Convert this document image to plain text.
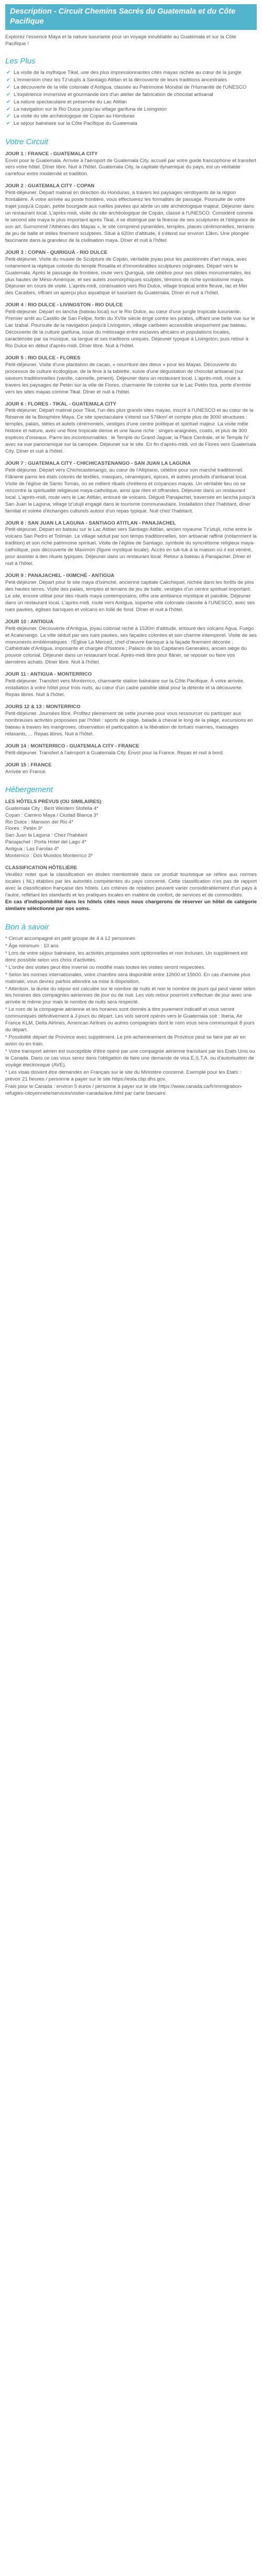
Description - Circuit Chemins Sacrés du Guatemala et du Côte Pacifique

Explorez l'essence Maya et la nature luxuriante pour un voyage inoubliable au Guatemala et sur la Côte Pacifique !

Les Plus
✔ La visite de la mythique Tikal, une des plus impressionnantes cités mayas nichée au cœur de la jungle
✔ L'immersion chez les Tz'utujils à Santiago Atitlan et la découverte de leurs traditions ancestrales
✔ La découverte de la ville coloniale d'Antigua, classée au Patrimoine Mondial de l'Humanité de l'UNESCO
✔ L'expérience immersive et gourmande lors d'un atelier de fabrication de chocolat artisanal
✔ La nature spectaculaire et préservée du Lac Atitlan
✔ La navigation sur le Rio Dulce jusqu'au village garifuna de Livingston
✔ La visite du site archéologique de Copan au Honduras
✔ Le séjour balnéaire sur la Côte Pacifique du Guatemala
Votre Circuit

JOUR 1 : FRANCE - GUATEMALA CITY

Envol pour le Guatemala. Arrivée à l'aéroport de Guatemala City, accueil par votre guide francophone et transfert vers votre hôtel. Dîner libre. Nuit à l'hôtel. Guatemala City, la capitale dynamique du pays, est un véritable carrefour entre modernité et tradition.

JOUR 2 : GUATEMALA CITY - COPAN

Petit-déjeuner. Départ matinal en direction du Honduras, à travers les paysages verdoyants de la région frontalière. À votre arrivée au poste frontière, vous effectuerez les formalités de passage. Poursuite de votre trajet jusqu'à Copán, petite bourgade aux ruelles pavées qui abrite un site archéologique majeur. Déjeuner dans un restaurant local. L'après-midi, visite du site archéologique de Copán, classé à l'UNESCO. Considéré comme le second site maya le plus important après Tikal, il se distingue par la finesse de ses sculptures et l'élégance de son art. Surnommé l'Athènes des Mayas », le site comprend pyramides, temples, places cérémonielles, terrains de jeu de balle et stèles finement sculptées. Situé à 620m d'altitude, il s'étend sur environ 13km. Une plongée fascinante dans la grandeur de la civilisation maya. Dîner et nuit à l'hôtel.

JOUR 3 : COPAN - QUIRIGUÁ - RIO DULCE

Petit-déjeuner. Visite du musée de Sculpture de Copán, véritable joyau pour les passionnés d'art maya, avec notamment la réplique colorée du temple Rosalila et d'innombrables sculptures originales. Départ vers le Guatemala. Après le passage de frontière, route vers Quiriguá, site célèbre pour ses stèles monumentales, les plus hautes de Méso-Amérique, et ses autels zoomorphiques sculptés, témoins de riche symbolisme maya. Déjeuner en cours de visite. L'après-midi, continuation vers Rio Dulce, village tropical entre fleuve, lac et Mer des Caraïbes, offrant un aperçu plus aquatique et luxuriant du Guatemala. Dîner et nuit à l'hôtel.

JOUR 4 : RIO DULCE - LIVINGSTON - RIO DULCE

Petit-déjeuner. Départ en lancha (bateau local) sur le Rio Dulce, au cœur d'une jungle tropicale luxuriante. Premier arrêt au Castillo de San Felipe, fortin du XVIIe siècle érigé contre les pirates, offrant une belle vue sur le Lac Izabal. Poursuite de la navigation jusqu'à Livingston, village caribéen accessible uniquement par bateau. Découverte de la culture garifuna, issue du métissage entre esclaves africains et populations locales, caractérisée par sa musique, sa langue et ses traditions uniques. Déjeuner typique à Livingston, puis retour à Rio Dulce en début d'après-midi. Dîner libre. Nuit à l'hôtel.

JOUR 5 : RIO DULCE - FLORES

Petit-déjeuner. Visite d'une plantation de cacao, « nourriture des dieux » pour les Mayas. Découverte du processus de culture écologique, de la fève à la tablette, suivie d'une dégustation de chocolat artisanal (sur saveurs traditionnelles (vanille, cannelle, piment). Déjeuner dans un restaurant local. L'après-midi, route à travers les paysages de Petén sur la ville de Flores, charmante île colorée sur le Lac Petén Itza, porte d'entrée vers les sites mayas comme Tikal. Dîner et nuit à l'hôtel.

JOUR 6 : FLORES - TIKAL - GUATEMALA CITY

Petit-déjeuner. Départ matinal pour Tikal, l'un des plus grands sites mayas, inscrit à l'UNESCO et au cœur de la Réserve de la Biosphère Maya. Ce site spectaculaire s'étend sur 576km² et compte plus de 3000 structures : temples, palais, stèles et autels cérémoniels, vestiges d'une centre politique et spirituel majeur. La visite mêle histoire et nature, avec une flore tropicale dense et une faune riche : singes-araignées, coatis, et plus de 300 espèces d'oiseaux. Parmi les incontournables : le Temple du Grand Jaguar, la Place Centrale, et le Temple IV avec sa vue panoramique sur la canopée. Déjeuner sur le site. En fin d'après-midi, vol de Flores vers Guatemala City. Dîner et nuit à l'hôtel.

JOUR 7 : GUATEMALA CITY - CHICHICASTENANGO - SAN JUAN LA LAGUNA

Petit-déjeuner. Départ vers Chichicastenango, au cœur de l'Altiplano, célèbre pour son marché traditionnel. Flânerie parmi les étals colorés de textiles, masques, céramiques, épices, et autres produits d'artisanat local. Visite de l'église de Santo Tomás, où se mêlent rituels chrétiens et croyances mayas. Un véritable lieu où se rencontre la spiritualité religieuse maya-catholique, ainsi que rites et offrandes. Déjeuner dans un restaurant local. L'après-midi, route vers le Lac Atitlán, entouré de volcans. Dégust Panajachel, traversée en lancha jusqu'à San Juan la Laguna, village tz'utujil engagé dans le tourisme communautaire. Installation chez l'habitant, dîner familial et soirée d'échanges culturels autour d'un repas typique. Nuit chez l'habitant.

JOUR 8 : SAN JUAN LA LAGUNA - SANTIAGO ATITLAN - PANAJACHEL

Petit-déjeuner. Départ en bateau sur le Lac Atitlan vers Santiago Atitlán, ancien royaume Tz'utujil, riche entre le volcans San Pedro et Tolimán. Le village séduit par son temps traditionnelles, son artisanat raffiné (notamment la tradition) et son riche patrimoine spirituel. Visite de l'église de Santiago, symbole du syncrétisme religieux maya-catholique, puis découverte de Maximón (figure mystique locale). Accès en tuk-tuk à la maison où il est vénéré, pour assister à des rituels typiques. Déjeuner dans un restaurant local. Retour à bateau à Panajachel. Dîner et nuit à l'hôtel.

JOUR 9 : PANAJACHEL - IXIMCHÉ - ANTIGUA

Petit-déjeuner. Départ pour le site maya d'Iximché, ancienne capitale Cakchiquel, nichée dans les forêts de pins des hautes terres. Visite des palais, temples et terrains de jeu de balle, vestiges d'un centre spirituel important. Le site, encore utilisé pour des rituels maya contemporains, offre une ambiance mystique et paisible. Déjeuner dans un restaurant local. L'après-midi, route vers Antigua, superbe ville coloniale classée à l'UNESCO, avec ses rues pavées, églises baroques et volcans en toile de fond. Dîner et nuit à l'hôtel.

JOUR 10 : ANTIGUA

Petit-déjeuner. Découverte d'Antigua, joyau colonial niché à 1530m d'altitude, entouré des volcans Agua, Fuego et Acatenango. La ville séduit par ses rues pavées, ses façades colorées et son charme intemporel. Visite de ses monuments emblématiques : l'Église La Merced, chef-d'œuvre baroque à la façade finement décorée ; Cathédrale d'Antigua, imposante et chargée d'histoire ; Palacio de los Capitanes Generales, ancien siège du pouvoir colonial. Déjeuner dans un restaurant local. Après-midi libre pour flâner, se reposer ou faire vos dernières achats. Dîner libre. Nuit à l'hôtel.

JOUR 11 : ANTIGUA - MONTERRICO

Petit-déjeuner. Transfert vers Monterrico, charmante station balnéaire sur la Côte Pacifique. À votre arrivée, installation à votre hôtel pour trois nuits, au cœur d'un cadre paisible idéal pour la détente et la découverte. Repas libres. Nuit à l'hôtel.

JOURS 12 & 13 : MONTERRICO

Petit-déjeuner. Journées libre. Profitez pleinement de cette journée pour vous ressourcer ou participer aux nombreuses activités proposées par l'hôtel : sports de plage, balade à cheval le long de la plage, excursions en bateau à travers les mangroves, observation et participation à la libération de tortues marines, massages relaxants, ... Repas libres. Nuit à l'hôtel.

JOUR 14 : MONTERRICO - GUATEMALA CITY - FRANCE

Petit-déjeuner. Transfert à l'aéroport à Guatemala City. Envol pour la France. Repas et nuit à bord.

JOUR 15 : FRANCE

Arrivée en France.

Hébergement

LES HÔTELS PRÉVUS (OU SIMILAIRES)

Guatemala City : Best Western Stofella 4*

Copan : Camino Maya / Ciudad Blanca 3*

Rio Dulce : Mansion del Rio 4*

Flores : Petén 3*

San Juan la Laguna : Chez l'habitant

Panajachel : Porta Hotel del Lago 4*

Antigua : Las Farolas 4*

Monterrico : Dos Mundos Monterrico 3*

CLASSIFICATION HÔTELIÈRE

Veuillez noter que la classification en étoiles mentionnée dans ce produit touristique se réfère aux normes locales ( NL) établies par les autorités compétentes du pays concerné. Cette classification n'es pas de rapport avec la classification française des hôtels. Les critères de notation peuvent varier considérablement d'un pays à l'autre, reflétant les standards et les pratiques locales en matière de confort, de services et de commodités.

En cas d'indisponibilité dans les hôtels cités nous nous chargerons de réserver un hôtel de catégorie similaire sélectionné par nos soins.

Bon à savoir

* Circuit accompagné en petit groupe de 4 à 12 personnes

* Âge minimum : 10 ans

* Lors de votre séjour balnéaire, les activités proposées sont optionnelles et non incluses. Un supplément est donc possible selon vos choix d'activités.

* L'ordre des visites peut être inversé ou modifié mais toutes les visites seront respectées.

* Selon les normes internationales, votre chambre sera disponible entre 12h00 et 15h00. En cas d'arrivée plus matinale, vous devrez parfois attendre sa mise à disposition.

* Attention, la durée du séjour est calculée sur le nombre de nuits et non le nombre de jours qui peut varier selon les horaires des compagnies aériennes de jour ou de nuit. Les vols retour pourront s'effectuer de jour avec une arrivée le même jour mais le nombre de nuits sera respecté.

* Le nom de la compagnie aérienne et les horaires sont donnés à titre purement indicatif et vous seront communiqués définitivement à J-jours du départ. Les vols seront opérés vers le Guatemala soit : Iberia, Air France KLM, Delta Airlines, American Airlines ou autres compagnies dont le nom vous sera communiqué 8 jours du départ.

* Possibilité départ de Province avec supplément. Le pré-acheminement de Province peut se faire par air en avion ou en train.

* Votre transport aérien est susceptible d'être opéré par une compagnie aérienne transitant par les Etats Unis ou le Canada. Dans ce cas vous serez dans l'obligation de faire une demande de visa E.S.T.A. ou d'autorisation de voyage électronique (AVE).

* Les visas doivent être demandés en Français sur le site du Ministère concerné. Exemple pour les Etats : prévoir 21 heures / personne à payer sur le site https://esta.cbp.dhs.gov.

Frais pour le Canada : environ 5 euros / personne à payer sur le site https://www.canada.ca/fr/immigration-refugies-citoyennete/services/visiter-canada/ave.html par carte bancaire.
